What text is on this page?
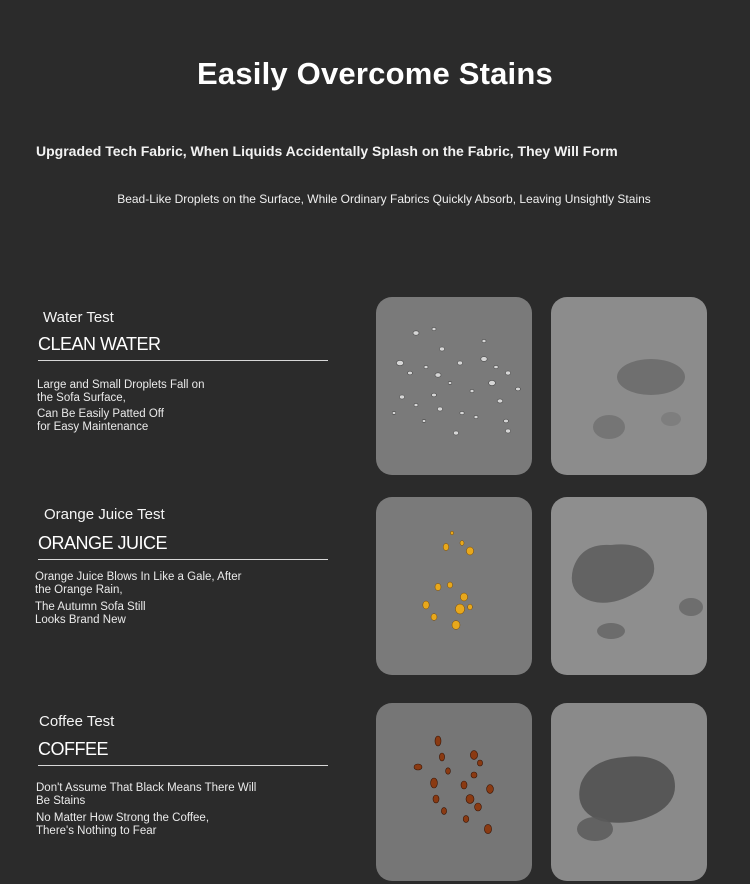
Easily Overcome Stains
Upgraded Tech Fabric, When Liquids Accidentally Splash on the Fabric, They Will Form
Bead-Like Droplets on the Surface, While Ordinary Fabrics Quickly Absorb, Leaving Unsightly Stains
Water Test
CLEAN WATER
Large and Small Droplets Fall on
the Sofa Surface,
Can Be Easily Patted Off
for Easy Maintenance
Orange Juice Test
ORANGE JUICE
Orange Juice Blows In Like a Gale, After
the Orange Rain,
The Autumn Sofa Still
Looks Brand New
Coffee Test
COFFEE
Don't Assume That Black Means There Will
Be Stains
No Matter How Strong the Coffee,
There's Nothing to Fear
